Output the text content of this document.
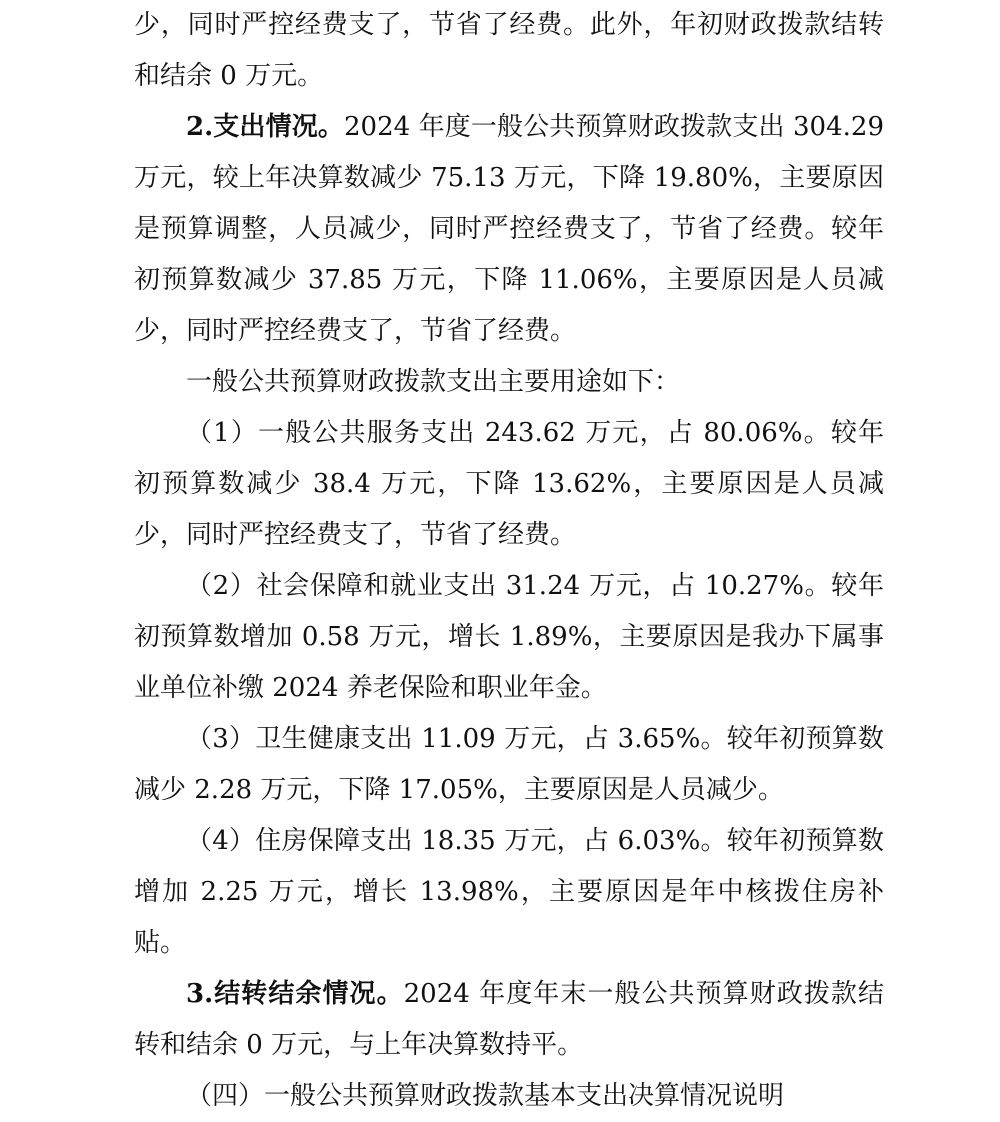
少，同时严控经费支了，节省了经费。此外，年初财政拨款结转和结余 0 万元。

2.支出情况。2024 年度一般公共预算财政拨款支出 304.29 万元，较上年决算数减少 75.13 万元，下降 19.80%，主要原因是预算调整，人员减少，同时严控经费支了，节省了经费。较年初预算数减少 37.85 万元，下降 11.06%，主要原因是人员减少，同时严控经费支了，节省了经费。

一般公共预算财政拨款支出主要用途如下：

（1）一般公共服务支出 243.62 万元，占 80.06%。较年初预算数减少 38.4 万元，下降 13.62%，主要原因是人员减少，同时严控经费支了，节省了经费。

（2）社会保障和就业支出 31.24 万元，占 10.27%。较年初预算数增加 0.58 万元，增长 1.89%，主要原因是我办下属事业单位补缴 2024 养老保险和职业年金。

（3）卫生健康支出 11.09 万元，占 3.65%。较年初预算数减少 2.28 万元，下降 17.05%，主要原因是人员减少。

（4）住房保障支出 18.35 万元，占 6.03%。较年初预算数增加 2.25 万元，增长 13.98%，主要原因是年中核拨住房补贴。

3.结转结余情况。2024 年度年末一般公共预算财政拨款结转和结余 0 万元，与上年决算数持平。

（四）一般公共预算财政拨款基本支出决算情况说明
